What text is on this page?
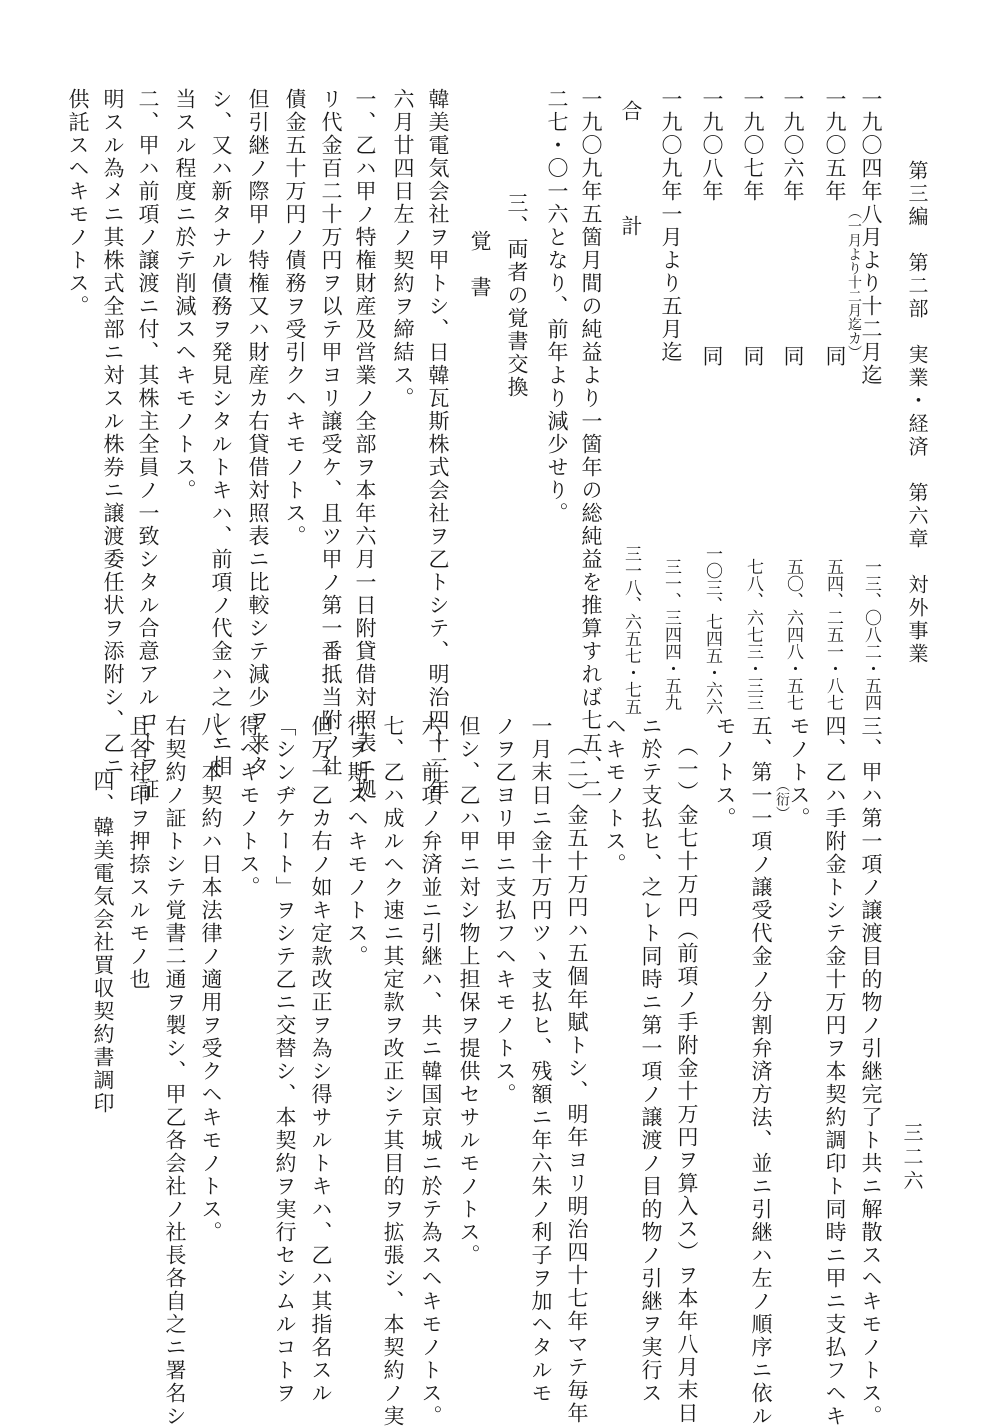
第三編　第二部　実業・経済　第六章　対外事業
三二六
一九〇四年八月より十二月迄
一三、〇八二・五四
一九〇五年
（一月より十二月迄カ）
同
五四、二五一・八七
一九〇六年
同
五〇、六四八・五七
一九〇七年
同
七八、六七三・三三
一九〇八年
同
一〇三、七四五・六六
一九〇九年一月より五月迄
三一、三四四・五九
合　　　　計
三一八、六五七・七五
一九〇九年五箇月間の純益より一箇年の総純益を推算すれば七五、二
二七・〇一六となり、前年より減少せり。
三、両者の覚書交換
覚　書
韓美電気会社ヲ甲トシ、日韓瓦斯株式会社ヲ乙トシテ、明治四十二年
六月廿四日左ノ契約ヲ締結ス。
一、乙ハ甲ノ特権財産及営業ノ全部ヲ本年六月一日附貸借対照表ニ拠
リ代金百二十万円ヲ以テ甲ヨリ譲受ケ、且ツ甲ノ第一番抵当附ノ社
債金五十万円ノ債務ヲ受引クヘキモノトス。
但引継ノ際甲ノ特権又ハ財産カ右貸借対照表ニ比較シテ減少ヲ来タ
シ、又ハ新タナル債務ヲ発見シタルトキハ、前項ノ代金ハ之レニ相
当スル程度ニ於テ削減スヘキモノトス。
二、甲ハ前項ノ譲渡ニ付、其株主全員ノ一致シタル合意アルコトヲ証
明スル為メニ其株式全部ニ対スル株券ニ譲渡委任状ヲ添附シ、乙ニ
供託スヘキモノトス。
三、甲ハ第一項ノ譲渡目的物ノ引継完了ト共ニ解散スヘキモノトス。
四、乙ハ手附金トシテ金十万円ヲ本契約調印ト同時ニ甲ニ支払フヘキ
モノトス。
（衍）
五、第一一項ノ譲受代金ノ分割弁済方法、並ニ引継ハ左ノ順序ニ依ル
モノトス。
（一）金七十万円（前項ノ手附金十万円ヲ算入ス）ヲ本年八月末日
ニ於テ支払ヒ、之レト同時ニ第一項ノ譲渡ノ目的物ノ引継ヲ実行ス
ヘキモノトス。
（二）金五十万円ハ五個年賦トシ、明年ヨリ明治四十七年マテ毎年
一月末日ニ金十万円ツヽ支払ヒ、残額ニ年六朱ノ利子ヲ加ヘタルモ
ノヲ乙ヨリ甲ニ支払フヘキモノトス。
但シ、乙ハ甲ニ対シ物上担保ヲ提供セサルモノトス。
六、前項ノ弁済並ニ引継ハ、共ニ韓国京城ニ於テ為スヘキモノトス。
七、乙ハ成ルヘク速ニ其定款ヲ改正シテ其目的ヲ拡張シ、本契約ノ実
行ヲ期スヘキモノトス。
但万一乙カ右ノ如キ定款改正ヲ為シ得サルトキハ、乙ハ其指名スル
「シンヂケート」ヲシテ乙ニ交替シ、本契約ヲ実行セシムルコトヲ
得ヘキモノトス。
八、本契約ハ日本法律ノ適用ヲ受クヘキモノトス。
右契約ノ証トシテ覚書二通ヲ製シ、甲乙各会社ノ社長各自之ニ署名シ
且各社印ヲ押捺スルモノ也
四、韓美電気会社買収契約書調印
